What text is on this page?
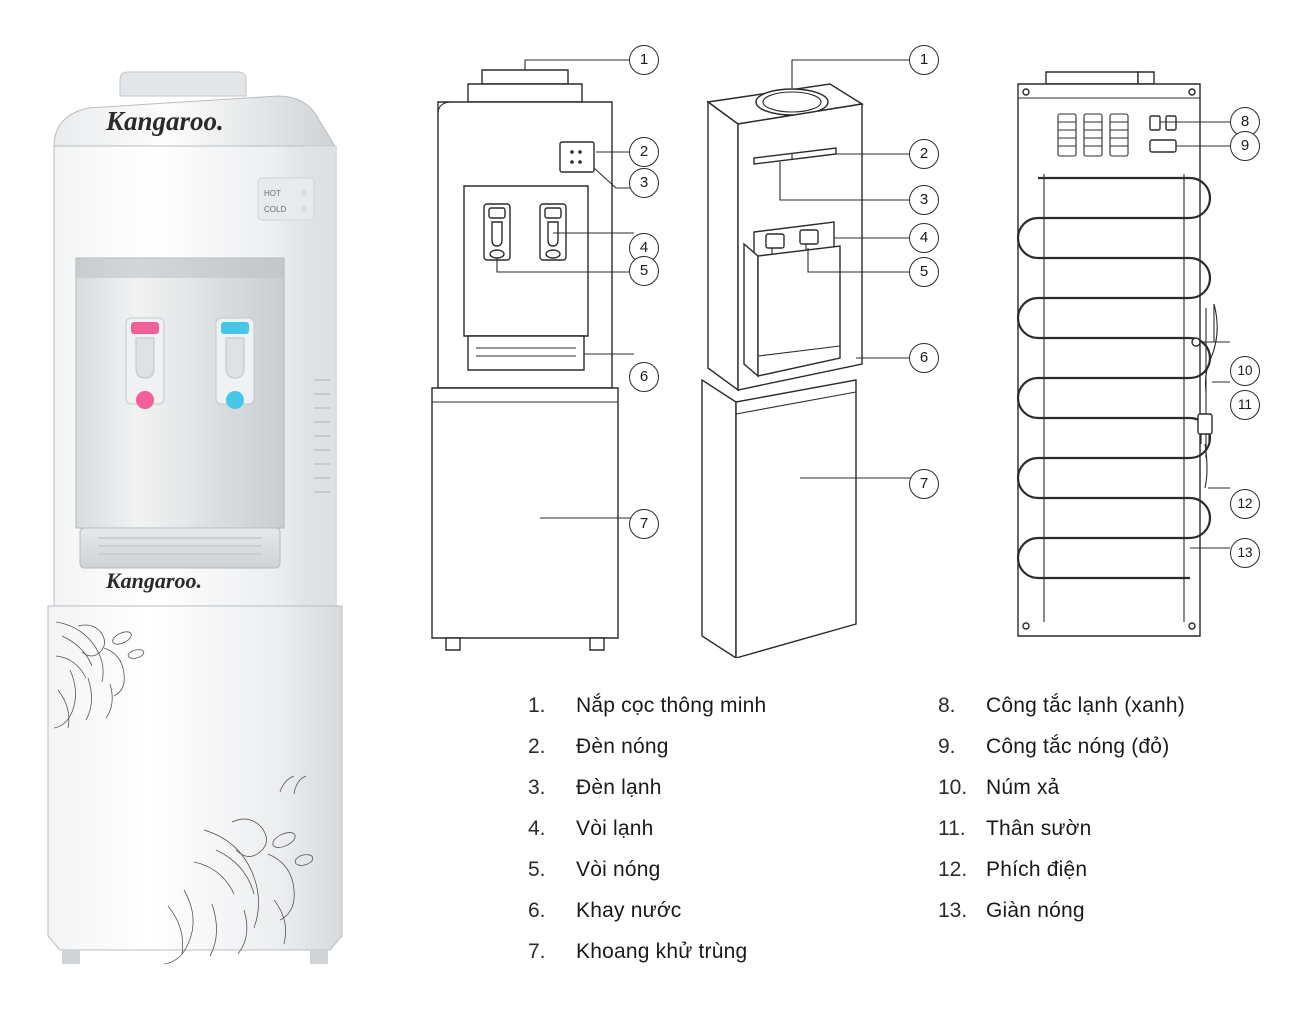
Kangaroo.
HOT
COLD
Kangaroo.
1
2
3
4
5
6
7
1
2
3
4
5
6
7
8
9
10
11
12
13
1.	Nắp cọc thông minh
2.	Đèn nóng
3.	Đèn lạnh
4.	Vòi lạnh
5.	Vòi nóng
6.	Khay nước
7.	Khoang khử trùng
8.	Công tắc lạnh (xanh)
9.	Công tắc nóng (đỏ)
10. Núm xả
11. Thân sườn
12. Phích điện
13. Giàn nóng
